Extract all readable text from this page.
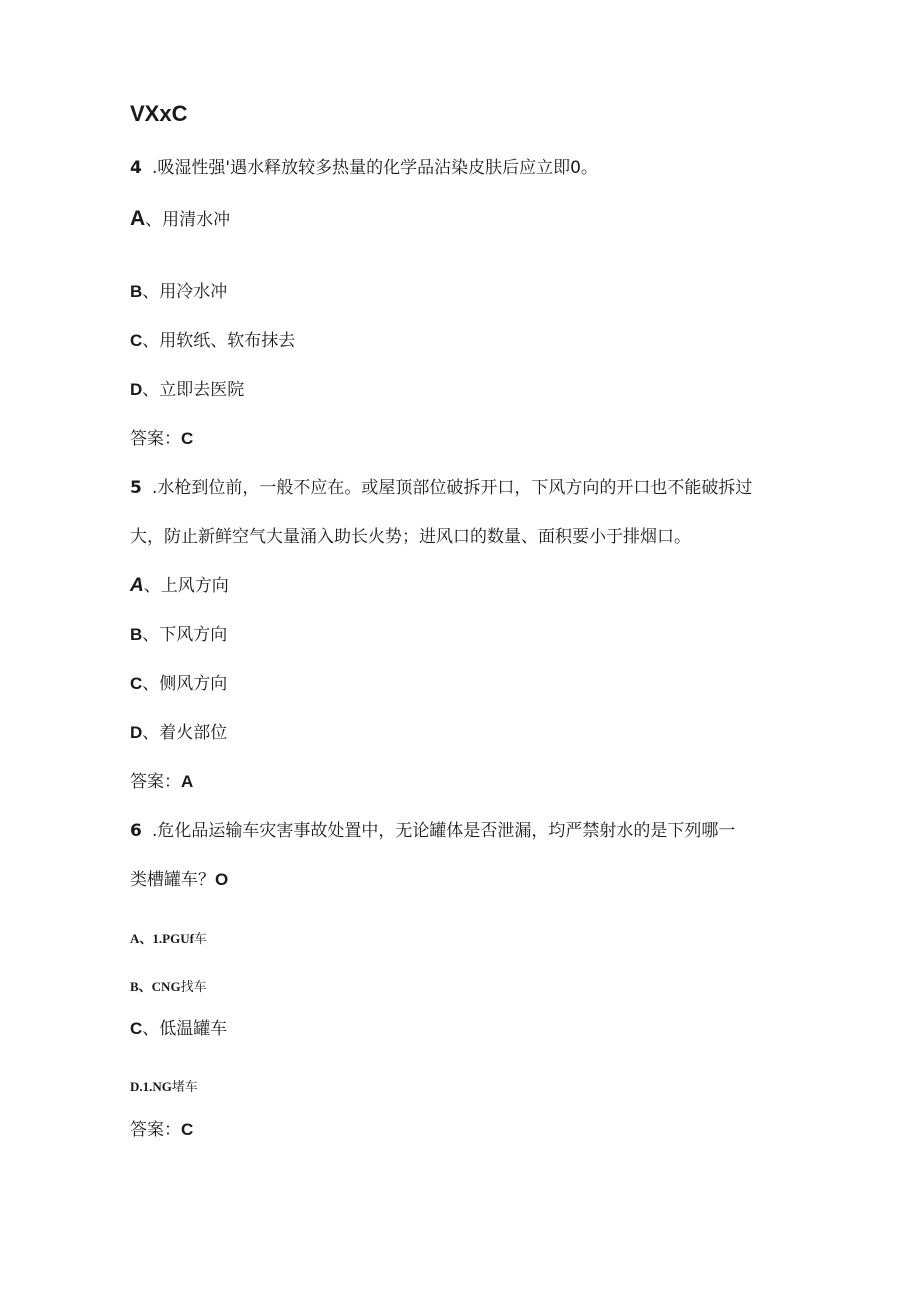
VXxC
4 .吸湿性强'遇水释放较多热量的化学品沾染皮肤后应立即0。
A、用清水冲
B、用冷水冲
C、用软纸、软布抹去
D、立即去医院
答案：C
5 .水枪到位前，一般不应在。或屋顶部位破拆开口，下风方向的开口也不能破拆过
大，防止新鲜空气大量涌入助长火势；进风口的数量、面积要小于排烟口。
A、上风方向
B、下风方向
C、侧风方向
D、着火部位
答案：A
6 .危化品运输车灾害事故处置中，无论罐体是否泄漏，均严禁射水的是下列哪一
类槽罐车？O
A、1.PGUf车
B、CNG找车
C、低温罐车
D.1.NG堵车
答案：C
